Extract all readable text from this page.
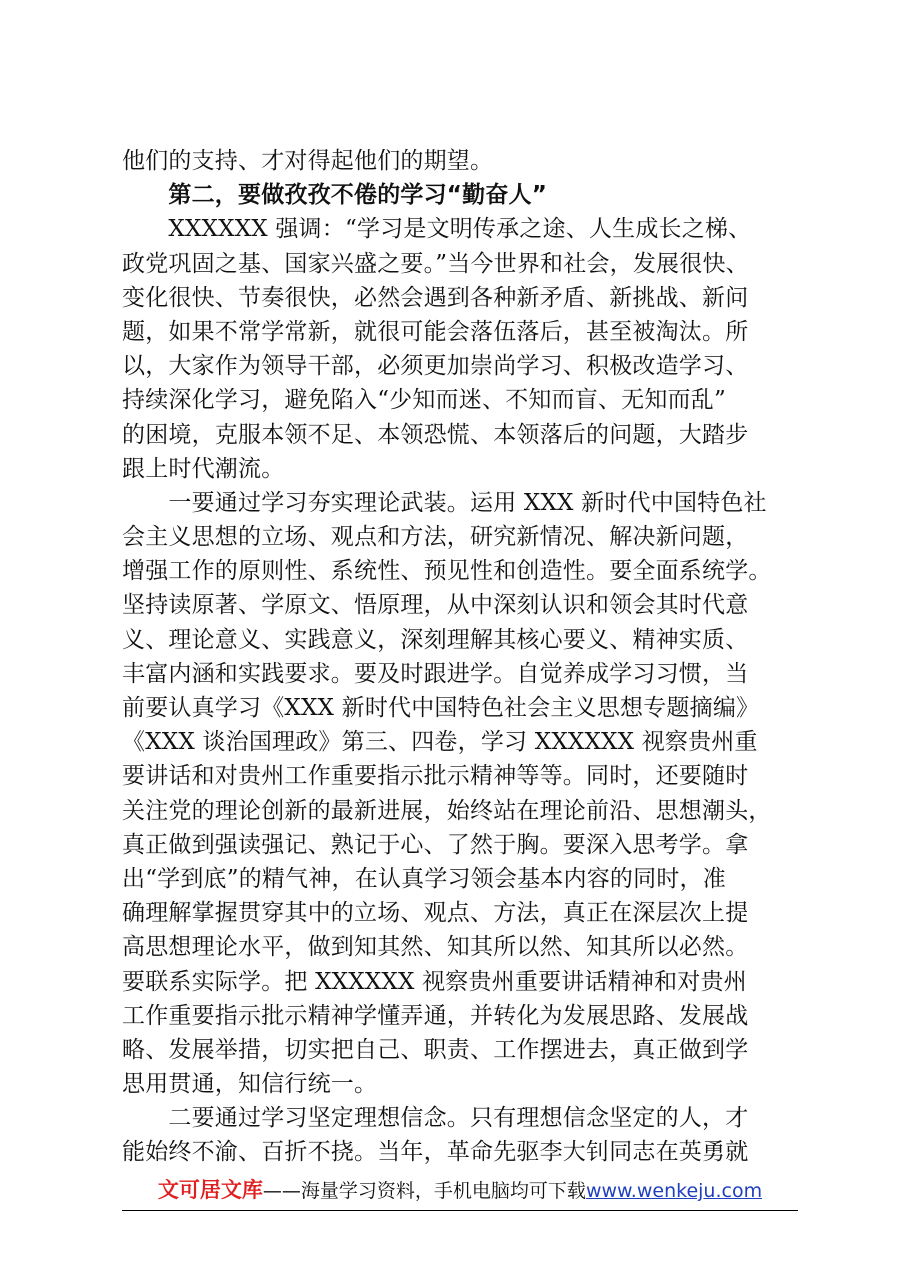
他们的支持、才对得起他们的期望。
　　第二，要做孜孜不倦的学习“勤奋人”
　　XXXXXX 强调：“学习是文明传承之途、人生成长之梯、
政党巩固之基、国家兴盛之要。”当今世界和社会，发展很快、
变化很快、节奏很快，必然会遇到各种新矛盾、新挑战、新问
题，如果不常学常新，就很可能会落伍落后，甚至被淘汰。所
以，大家作为领导干部，必须更加崇尚学习、积极改造学习、
持续深化学习，避免陷入“少知而迷、不知而盲、无知而乱”
的困境，克服本领不足、本领恐慌、本领落后的问题，大踏步
跟上时代潮流。
　　一要通过学习夯实理论武装。运用 XXX 新时代中国特色社
会主义思想的立场、观点和方法，研究新情况、解决新问题，
增强工作的原则性、系统性、预见性和创造性。要全面系统学。
坚持读原著、学原文、悟原理，从中深刻认识和领会其时代意
义、理论意义、实践意义，深刻理解其核心要义、精神实质、
丰富内涵和实践要求。要及时跟进学。自觉养成学习习惯，当
前要认真学习《XXX 新时代中国特色社会主义思想专题摘编》
《XXX 谈治国理政》第三、四卷，学习 XXXXXX 视察贵州重
要讲话和对贵州工作重要指示批示精神等等。同时，还要随时
关注党的理论创新的最新进展，始终站在理论前沿、思想潮头，
真正做到强读强记、熟记于心、了然于胸。要深入思考学。拿
出“学到底”的精气神，在认真学习领会基本内容的同时，准
确理解掌握贯穿其中的立场、观点、方法，真正在深层次上提
高思想理论水平，做到知其然、知其所以然、知其所以必然。
要联系实际学。把 XXXXXX 视察贵州重要讲话精神和对贵州
工作重要指示批示精神学懂弄通，并转化为发展思路、发展战
略、发展举措，切实把自己、职责、工作摆进去，真正做到学
思用贯通，知信行统一。
　　二要通过学习坚定理想信念。只有理想信念坚定的人，才
能始终不渝、百折不挠。当年，革命先驱李大钊同志在英勇就
文可居文库——海量学习资料，手机电脑均可下载www.wenkeju.com
